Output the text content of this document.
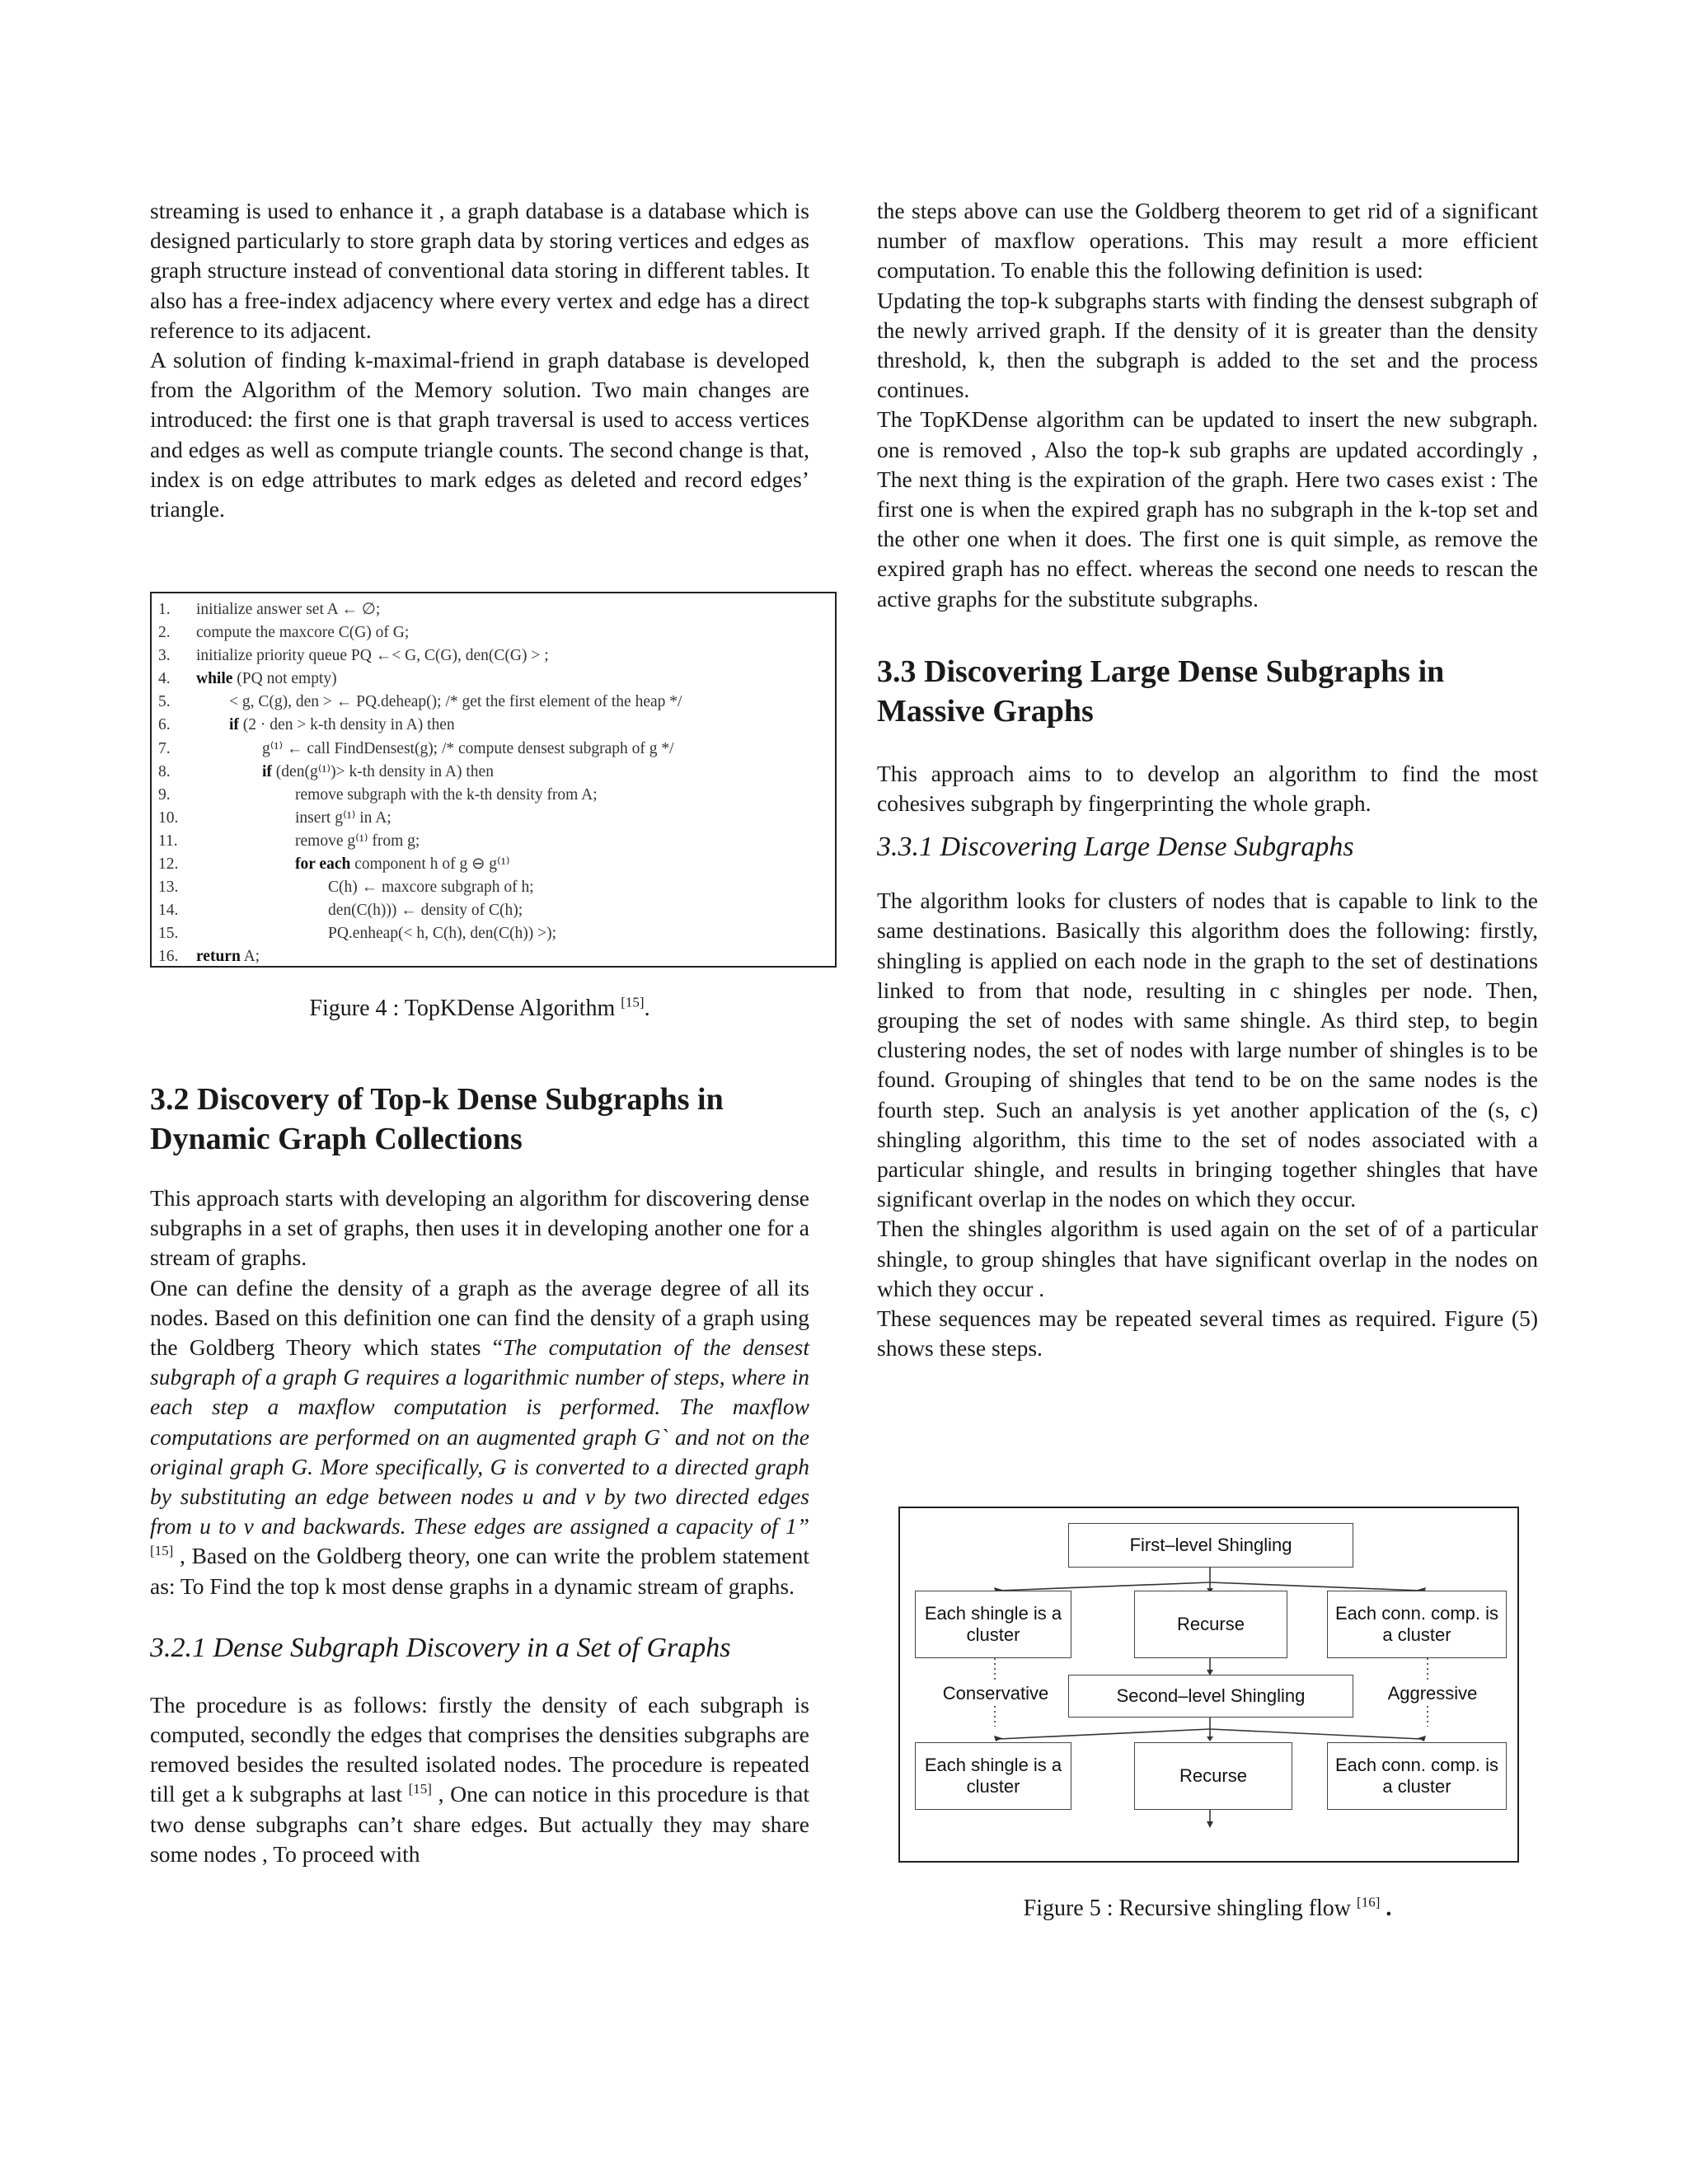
streaming is used to enhance it , a graph database is a database which is designed particularly to store graph data by storing vertices and edges as graph structure instead of conventional data storing in different tables. It also has a free-index adjacency where every vertex and edge has a direct reference to its adjacent.

A solution of finding k-maximal-friend in graph database is developed from the Algorithm of the Memory solution. Two main changes are introduced: the first one is that graph traversal is used to access vertices and edges as well as compute triangle counts. The second change is that, index is on edge attributes to mark edges as deleted and record edges’ triangle.

1. initialize answer set A ← ∅;
2. compute the maxcore C(G) of G;
3. initialize priority queue PQ ←< G, C(G), den(C(G) > ;
4. while (PQ not empty)
5.	< g, C(g), den > ← PQ.deheap(); /* get the first element of the heap */
6.	if (2 · den > k-th density in A) then
7.	g⁽¹⁾ ← call FindDensest(g); /* compute densest subgraph of g */
8.	if (den(g⁽¹⁾)> k-th density in A) then
9.	remove subgraph with the k-th density from A;
10.	insert g⁽¹⁾ in A;
11.	remove g⁽¹⁾ from g;
12.	for each component h of g ⊖ g⁽¹⁾
13.	C(h) ← maxcore subgraph of h;
14.	den(C(h))) ← density of C(h);
15.	PQ.enheap(< h, C(h), den(C(h)) >);
16. return A;

Figure 4 : TopKDense Algorithm [15].

3.2 Discovery of Top-k Dense Subgraphs in
Dynamic Graph Collections

This approach starts with developing an algorithm for discovering dense subgraphs in a set of graphs, then uses it in developing another one for a stream of graphs.

One can define the density of a graph as the average degree of all its nodes. Based on this definition one can find the density of a graph using the Goldberg Theory which states “The computation of the densest subgraph of a graph G requires a logarithmic number of steps, where in each step a maxflow computation is performed. The maxflow computations are performed on an augmented graph G` and not on the original graph G. More specifically, G is converted to a directed graph by substituting an edge between nodes u and v by two directed edges from u to v and backwards. These edges are assigned a capacity of 1” [15] , Based on the Goldberg theory, one can write the problem statement as: To Find the top k most dense graphs in a dynamic stream of graphs.

3.2.1 Dense Subgraph Discovery in a Set of Graphs

The procedure is as follows: firstly the density of each subgraph is computed, secondly the edges that comprises the densities subgraphs are removed besides the resulted isolated nodes. The procedure is repeated till get a k subgraphs at last [15] , One can notice in this procedure is that two dense subgraphs can’t share edges. But actually they may share some nodes , To proceed with

the steps above can use the Goldberg theorem to get rid of a significant number of maxflow operations. This may result a more efficient computation. To enable this the following definition is used:

Updating the top-k subgraphs starts with finding the densest subgraph of the newly arrived graph. If the density of it is greater than the density threshold, k, then the subgraph is added to the set and the process continues.

The TopKDense algorithm can be updated to insert the new subgraph. one is removed , Also the top-k sub graphs are updated accordingly , The next thing is the expiration of the graph. Here two cases exist : The first one is when the expired graph has no subgraph in the k-top set and the other one when it does. The first one is quit simple, as remove the expired graph has no effect. whereas the second one needs to rescan the active graphs for the substitute subgraphs.

3.3 Discovering Large Dense Subgraphs in
Massive Graphs

This approach aims to to develop an algorithm to find the most cohesives subgraph by fingerprinting the whole graph.

3.3.1 Discovering Large Dense Subgraphs

The algorithm looks for clusters of nodes that is capable to link to the same destinations. Basically this algorithm does the following: firstly, shingling is applied on each node in the graph to the set of destinations linked to from that node, resulting in c shingles per node. Then, grouping the set of nodes with same shingle. As third step, to begin clustering nodes, the set of nodes with large number of shingles is to be found. Grouping of shingles that tend to be on the same nodes is the fourth step. Such an analysis is yet another application of the (s, c) shingling algorithm, this time to the set of nodes associated with a particular shingle, and results in bringing together shingles that have significant overlap in the nodes on which they occur.

Then the shingles algorithm is used again on the set of of a particular shingle, to group shingles that have significant overlap in the nodes on which they occur .

These sequences may be repeated several times as required. Figure (5) shows these steps.

First–level Shingling
Each shingle is a cluster
Recurse
Each conn. comp. is a cluster
Conservative	Second–level Shingling	Aggressive
Each shingle is a cluster
Recurse
Each conn. comp. is a cluster

Figure 5 : Recursive shingling flow [16] .
